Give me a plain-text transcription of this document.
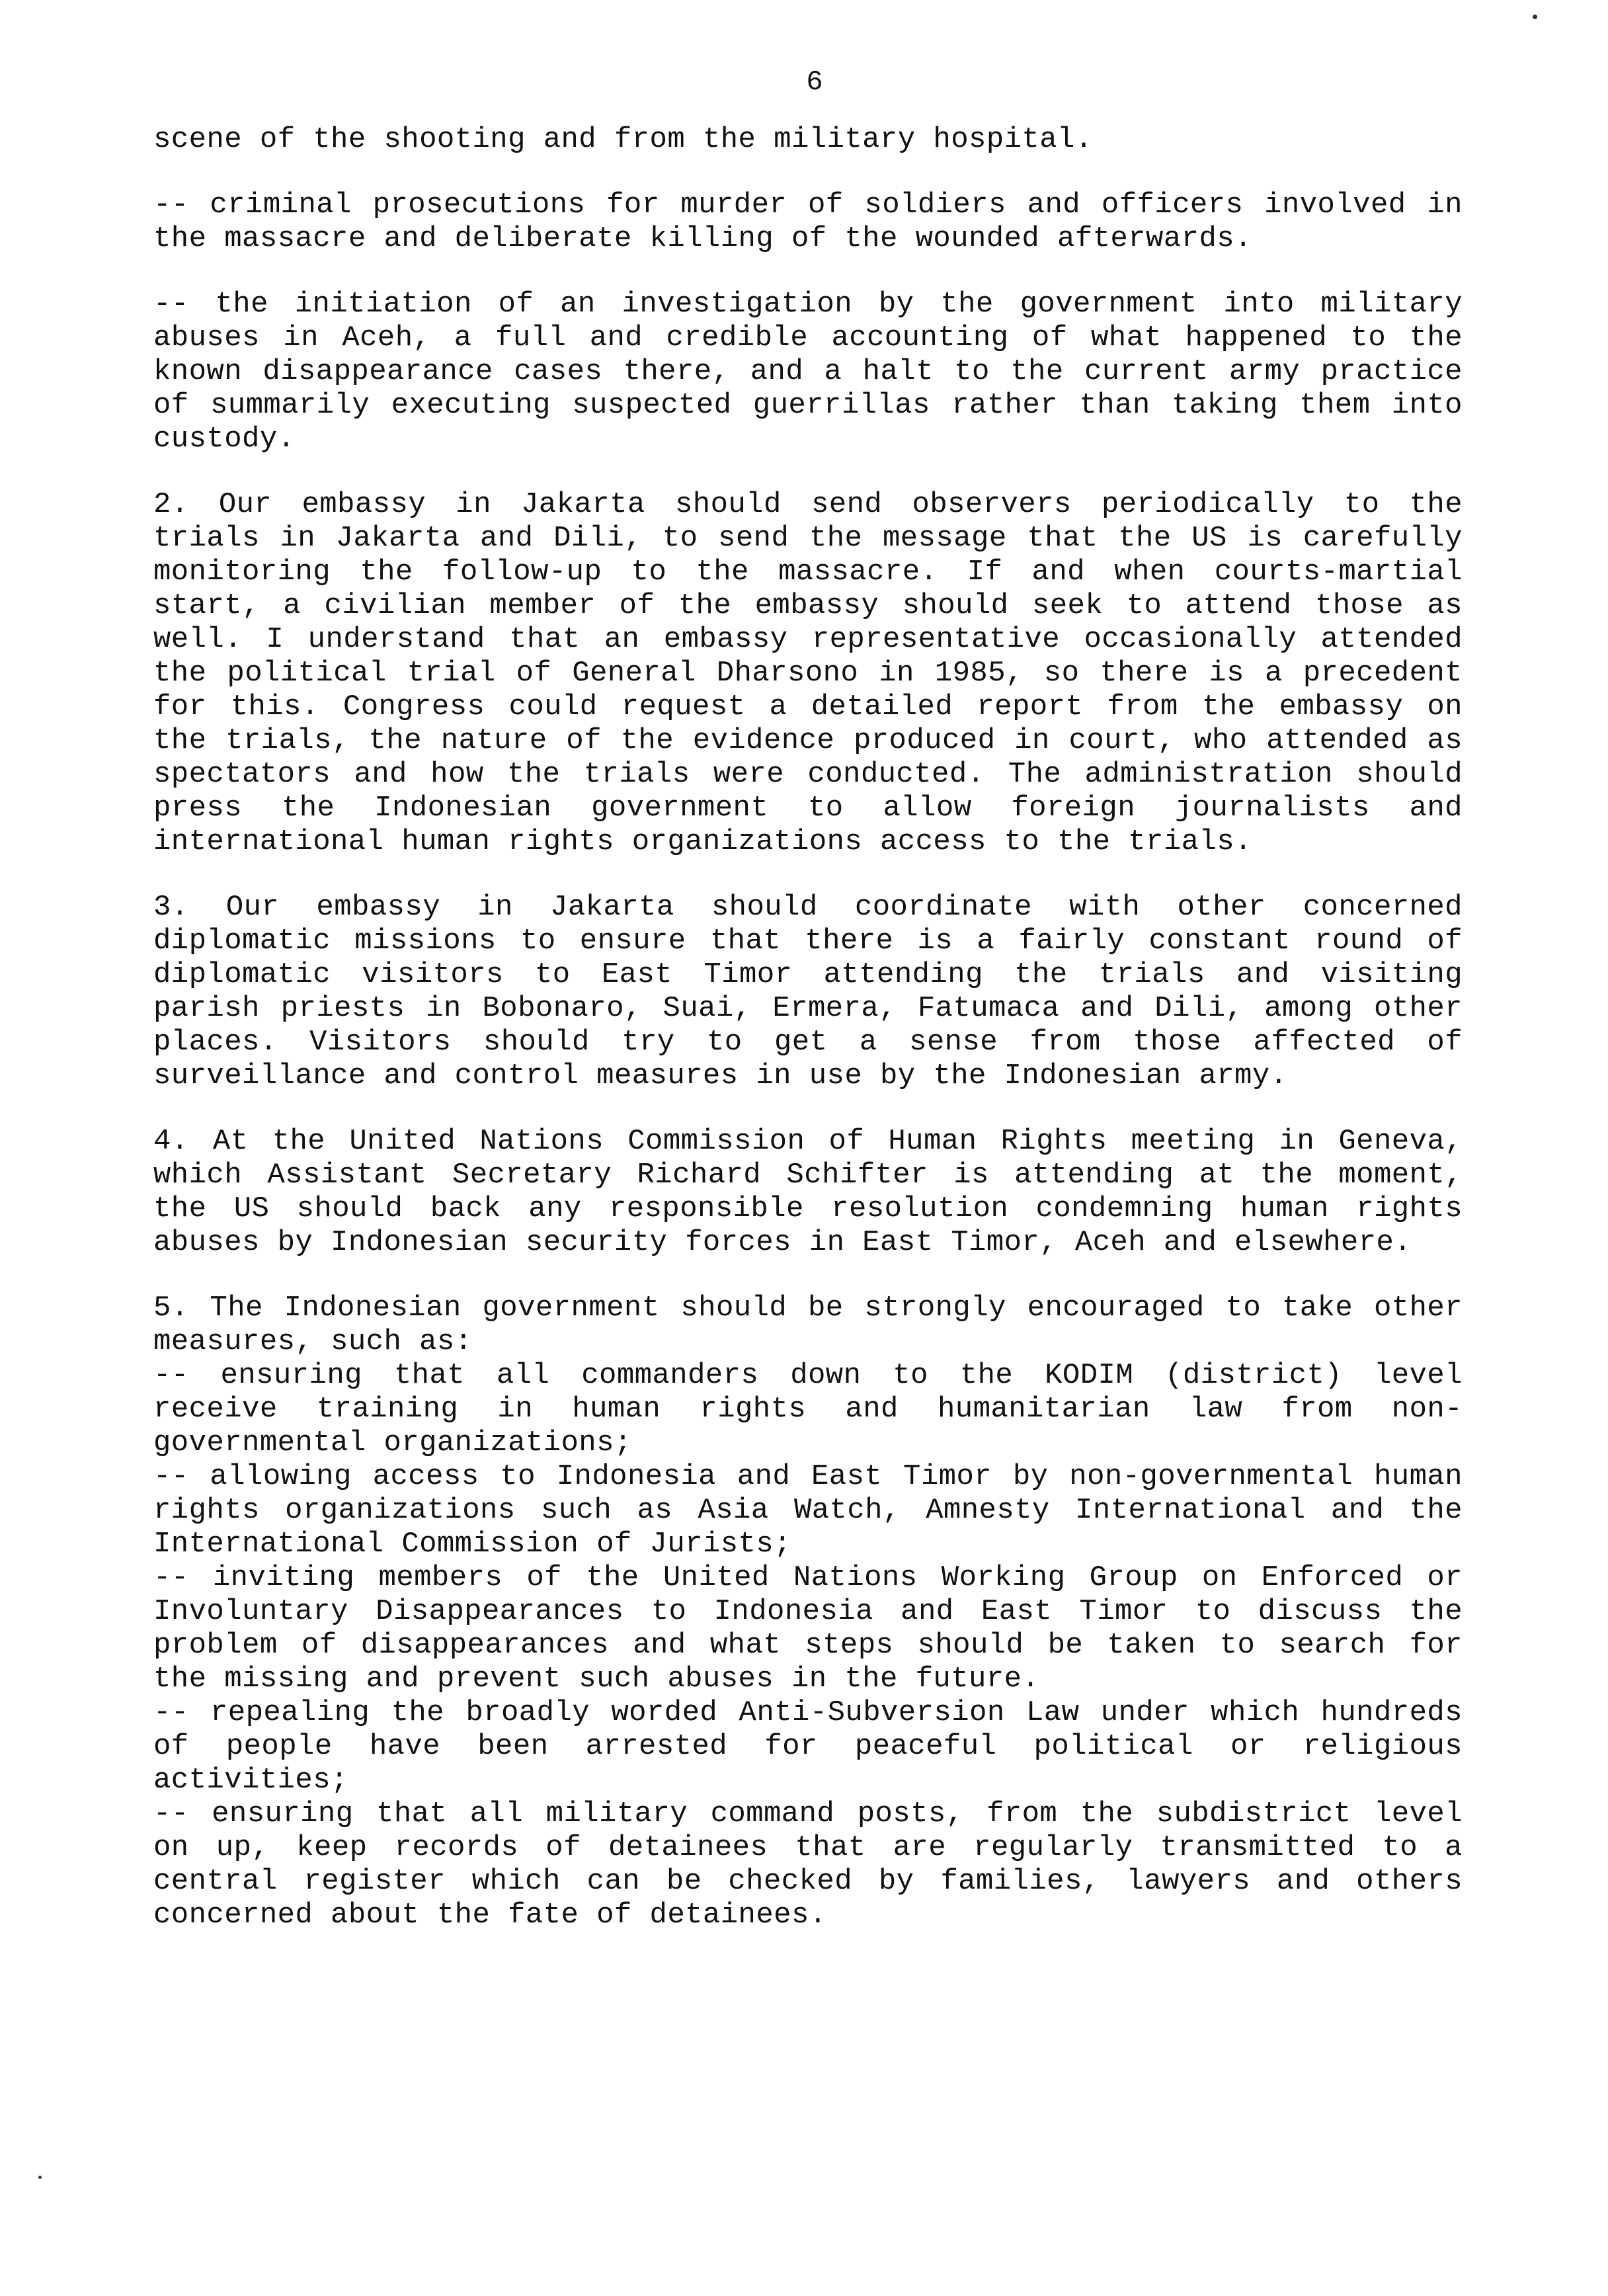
6

scene of the shooting and from the military hospital.

-- criminal prosecutions for murder of soldiers and officers involved in the massacre and deliberate killing of the wounded afterwards.

-- the initiation of an investigation by the government into military abuses in Aceh, a full and credible accounting of what happened to the known disappearance cases there, and a halt to the current army practice of summarily executing suspected guerrillas rather than taking them into custody.

2. Our embassy in Jakarta should send observers periodically to the trials in Jakarta and Dili, to send the message that the US is carefully monitoring the follow-up to the massacre. If and when courts-martial start, a civilian member of the embassy should seek to attend those as well. I understand that an embassy representative occasionally attended the political trial of General Dharsono in 1985, so there is a precedent for this. Congress could request a detailed report from the embassy on the trials, the nature of the evidence produced in court, who attended as spectators and how the trials were conducted. The administration should press the Indonesian government to allow foreign journalists and international human rights organizations access to the trials.

3. Our embassy in Jakarta should coordinate with other concerned diplomatic missions to ensure that there is a fairly constant round of diplomatic visitors to East Timor attending the trials and visiting parish priests in Bobonaro, Suai, Ermera, Fatumaca and Dili, among other places. Visitors should try to get a sense from those affected of surveillance and control measures in use by the Indonesian army.

4. At the United Nations Commission of Human Rights meeting in Geneva, which Assistant Secretary Richard Schifter is attending at the moment, the US should back any responsible resolution condemning human rights abuses by Indonesian security forces in East Timor, Aceh and elsewhere.

5. The Indonesian government should be strongly encouraged to take other measures, such as:

-- ensuring that all commanders down to the KODIM (district) level receive training in human rights and humanitarian law from non-governmental organizations;

-- allowing access to Indonesia and East Timor by non-governmental human rights organizations such as Asia Watch, Amnesty International and the International Commission of Jurists;

-- inviting members of the United Nations Working Group on Enforced or Involuntary Disappearances to Indonesia and East Timor to discuss the problem of disappearances and what steps should be taken to search for the missing and prevent such abuses in the future.

-- repealing the broadly worded Anti-Subversion Law under which hundreds of people have been arrested for peaceful political or religious activities;

-- ensuring that all military command posts, from the subdistrict level on up, keep records of detainees that are regularly transmitted to a central register which can be checked by families, lawyers and others concerned about the fate of detainees.
